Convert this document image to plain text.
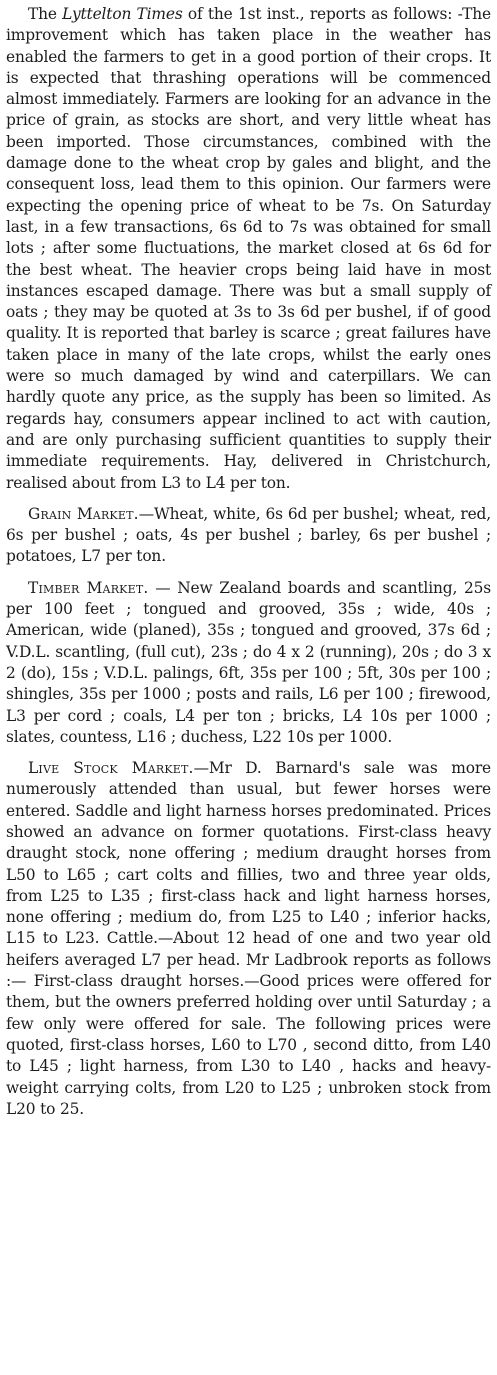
The Lyttelton Times of the 1st inst., reports as follows: -The improvement which has taken place in the weather has enabled the farmers to get in a good portion of their crops. It is expected that thrashing operations will be commenced almost immediately. Farmers are looking for an advance in the price of grain, as stocks are short, and very little wheat has been imported. Those circumstances, combined with the damage done to the wheat crop by gales and blight, and the consequent loss, lead them to this opinion. Our farmers were expecting the opening price of wheat to be 7s. On Saturday last, in a few transactions, 6s 6d to 7s was obtained for small lots ; after some fluctuations, the market closed at 6s 6d for the best wheat. The heavier crops being laid have in most instances escaped damage. There was but a small supply of oats ; they may be quoted at 3s to 3s 6d per bushel, if of good quality. It is reported that barley is scarce ; great failures have taken place in many of the late crops, whilst the early ones were so much damaged by wind and caterpillars. We can hardly quote any price, as the supply has been so limited. As regards hay, consumers appear inclined to act with caution, and are only purchasing sufficient quantities to supply their immediate requirements. Hay, delivered in Christchurch, realised about from L3 to L4 per ton.

Grain Market.—Wheat, white, 6s 6d per bushel; wheat, red, 6s per bushel ; oats, 4s per bushel ; barley, 6s per bushel ; potatoes, L7 per ton.

Timber Market. — New Zealand boards and scantling, 25s per 100 feet ; tongued and grooved, 35s ; wide, 40s ; American, wide (planed), 35s ; tongued and grooved, 37s 6d ; V.D.L. scantling, (full cut), 23s ; do 4 x 2 (running), 20s ; do 3 x 2 (do), 15s ; V.D.L. palings, 6ft, 35s per 100 ; 5ft, 30s per 100 ; shingles, 35s per 1000 ; posts and rails, L6 per 100 ; firewood, L3 per cord ; coals, L4 per ton ; bricks, L4 10s per 1000 ; slates, countess, L16 ; duchess, L22 10s per 1000.

Live Stock Market.—Mr D. Barnard's sale was more numerously attended than usual, but fewer horses were entered. Saddle and light harness horses predominated. Prices showed an advance on former quotations. First-class heavy draught stock, none offering ; medium draught horses from L50 to L65 ; cart colts and fillies, two and three year olds, from L25 to L35 ; first-class hack and light harness horses, none offering ; medium do, from L25 to L40 ; inferior hacks, L15 to L23. Cattle.—About 12 head of one and two year old heifers averaged L7 per head. Mr Ladbrook reports as follows :— First-class draught horses.—Good prices were offered for them, but the owners preferred holding over until Saturday ; a few only were offered for sale. The following prices were quoted, first-class horses, L60 to L70 , second ditto, from L40 to L45 ; light harness, from L30 to L40 , hacks and heavy-weight carrying colts, from L20 to L25 ; unbroken stock from L20 to 25.
